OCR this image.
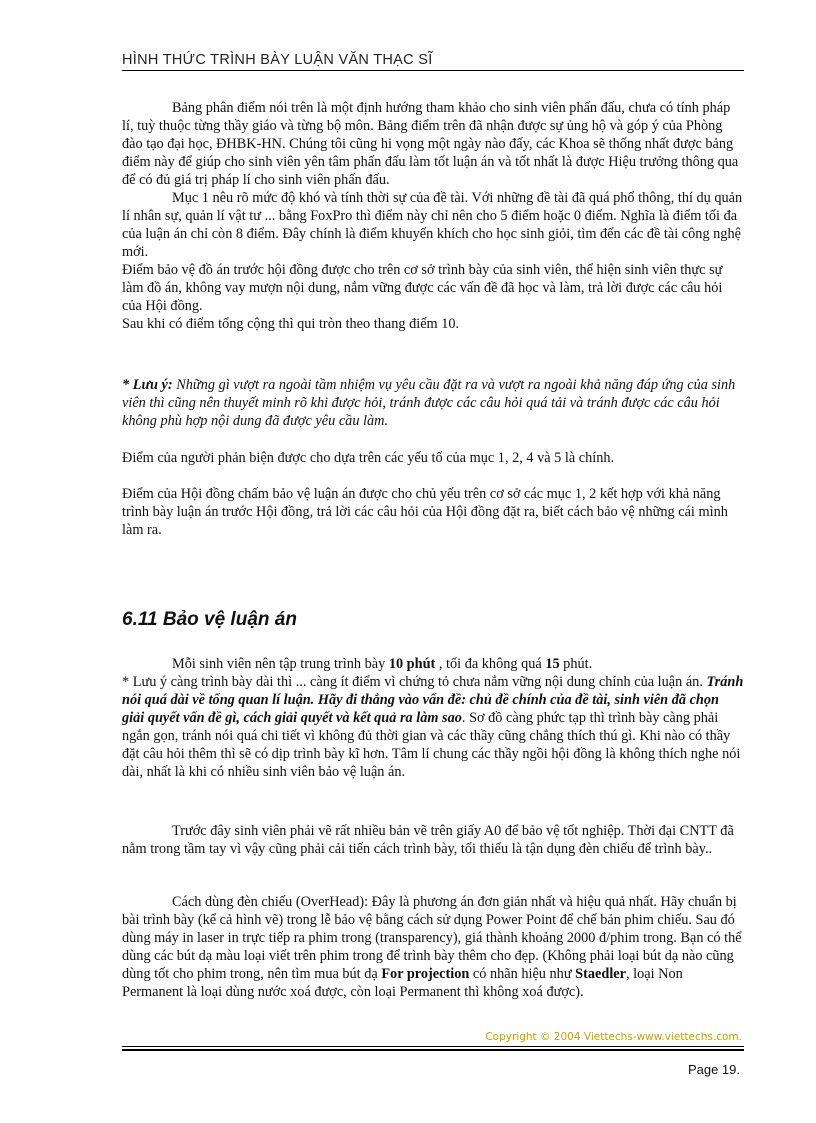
HÌNH THỨC TRÌNH BÀY LUẬN VĂN THẠC SĨ

Bảng phân điểm nói trên là một định hướng tham khảo cho sinh viên phấn đấu, chưa có tính pháp lí, tuỳ thuộc từng thầy giáo và từng bộ môn. Bảng điểm trên đã nhận được sự ủng hộ và góp ý của Phòng đào tạo đại học, ĐHBK-HN. Chúng tôi cũng hi vọng một ngày nào đấy, các Khoa sẽ thống nhất được bảng điểm này để giúp cho sinh viên yên tâm phấn đấu làm tốt luận án và tốt nhất là được Hiệu trưởng thông qua để có đủ giá trị pháp lí cho sinh viên phấn đấu.

Mục 1 nêu rõ mức độ khó và tính thời sự của đề tài. Với những đề tài đã quá phổ thông, thí dụ quản lí nhân sự, quản lí vật tư ... bằng FoxPro thì điểm này chỉ nên cho 5 điểm hoặc 0 điểm. Nghĩa là điểm tối đa của luận án chỉ còn 8 điểm. Đây chính là điểm khuyến khích cho học sinh giỏi, tìm đến các đề tài công nghệ mới.

Điểm bảo vệ đồ án trước hội đồng được cho trên cơ sở trình bày của sinh viên, thể hiện sinh viên thực sự làm đồ án, không vay mượn nội dung, nắm vững được các vấn đề đã học và làm, trả lời được các câu hỏi của Hội đồng.

Sau khi có điểm tổng cộng thì qui tròn theo thang điểm 10.

* Lưu ý: Những gì vượt ra ngoài tầm nhiệm vụ yêu cầu đặt ra và vượt ra ngoài khả năng đáp ứng của sinh viên thì cũng nên thuyết minh rõ khi được hỏi, tránh được các câu hỏi quá tải và tránh được các câu hỏi không phù hợp nội dung đã được yêu cầu làm.

Điểm của người phản biện được cho dựa trên các yếu tố của mục 1, 2, 4 và 5 là chính.

Điểm của Hội đồng chấm bảo vệ luận án được cho chủ yếu trên cơ sở các mục 1, 2 kết hợp với khả năng trình bày luận án trước Hội đồng, trả lời các câu hỏi của Hội đồng đặt ra, biết cách bảo vệ những cái mình làm ra.

6.11 Bảo vệ luận án

Mỗi sinh viên nên tập trung trình bày 10 phút , tối đa không quá 15 phút.

* Lưu ý càng trình bày dài thì ... càng ít điểm vì chứng tỏ chưa nắm vững nội dung chính của luận án. Tránh nói quá dài về tổng quan lí luận. Hãy đi thẳng vào vấn đề: chủ đề chính của đề tài, sinh viên đã chọn giải quyết vấn đề gì, cách giải quyết và kết quả ra làm sao. Sơ đồ càng phức tạp thì trình bày càng phải ngắn gọn, tránh nói quá chi tiết vì không đủ thời gian và các thầy cũng chẳng thích thú gì. Khi nào có thầy đặt câu hỏi thêm thì sẽ có dịp trình bày kĩ hơn. Tâm lí chung các thầy ngồi hội đồng là không thích nghe nói dài, nhất là khi có nhiều sinh viên bảo vệ luận án.

Trước đây sinh viên phải vẽ rất nhiều bản vẽ trên giấy A0 để bảo vệ tốt nghiệp. Thời đại CNTT đã nằm trong tầm tay vì vậy cũng phải cải tiến cách trình bày, tối thiểu là tận dụng đèn chiếu để trình bày..

Cách dùng đèn chiếu (OverHead): Đây là phương án đơn giản nhất và hiệu quả nhất. Hãy chuẩn bị bài trình bày (kể cả hình vẽ) trong lễ bảo vệ bằng cách sử dụng Power Point để chế bản phim chiếu. Sau đó dùng máy in laser in trực tiếp ra phim trong (transparency), giá thành khoảng 2000 đ/phim trong. Bạn có thể dùng các bút dạ màu loại viết trên phim trong để trình bày thêm cho đẹp. (Không phải loại bút dạ nào cũng dùng tốt cho phim trong, nên tìm mua bút dạ For projection có nhãn hiệu như Staedler, loại Non Permanent là loại dùng nước xoá được, còn loại Permanent thì không xoá được).

Copyright © 2004 Viettechs-www.viettechs.com.
Page 19.
